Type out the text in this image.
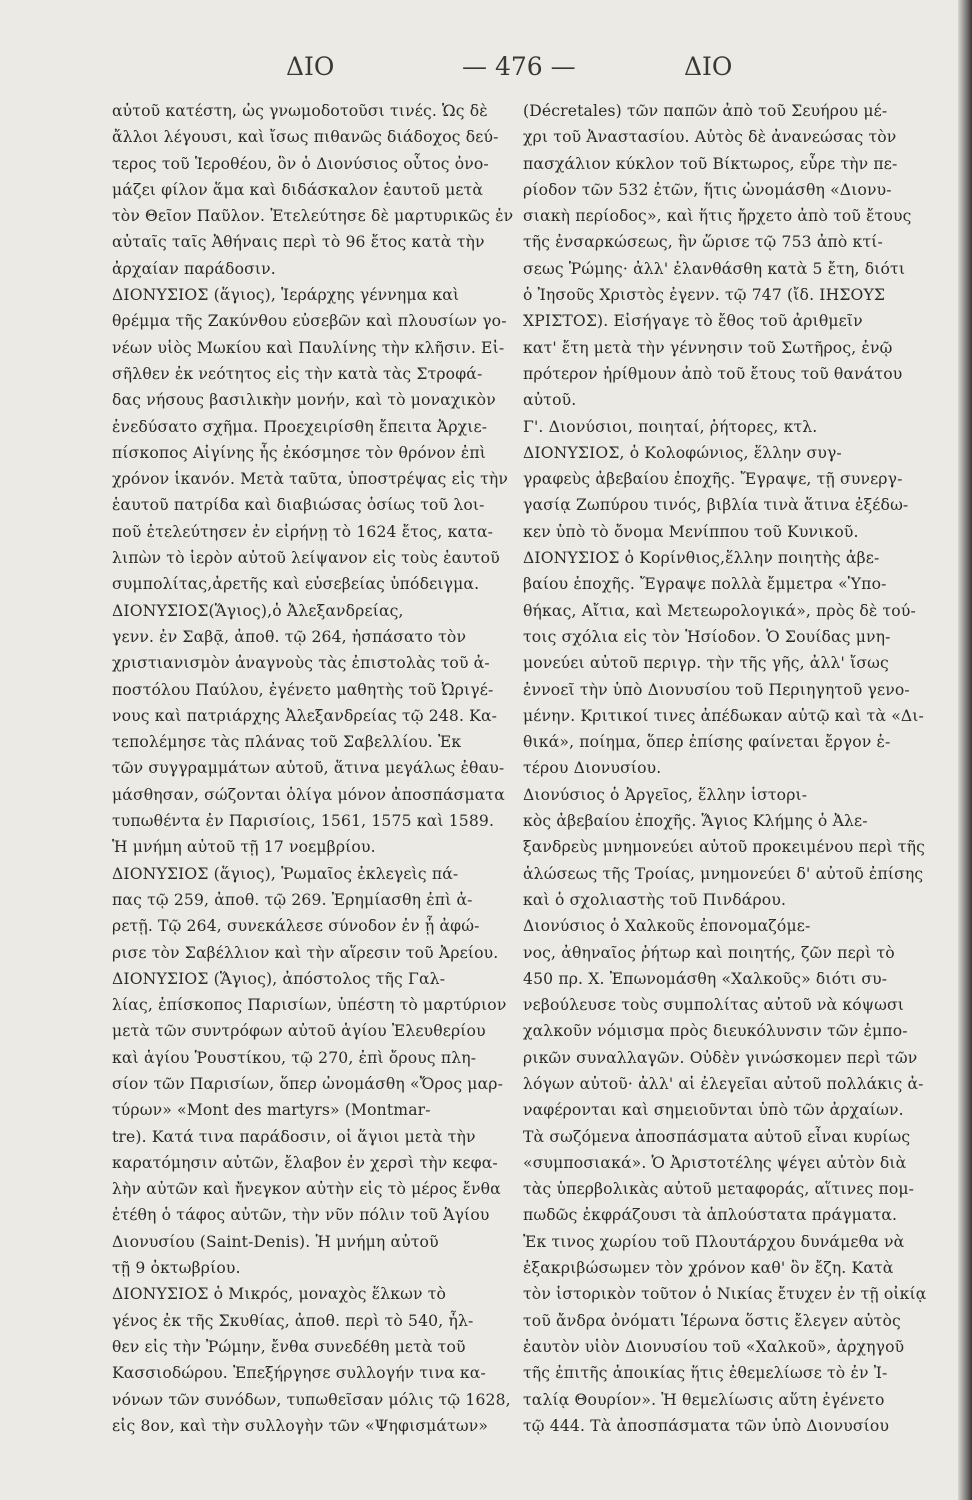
ΔΙΟ	— 476 —	ΔΙΟ
αὐτοῦ κατέστη, ὡς γνωμοδοτοῦσι τινές. Ὡς δὲ
ἄλλοι λέγουσι, καὶ ἴσως πιθανῶς διάδοχος δεύ-
τερος τοῦ Ἱεροθέου, ὃν ὁ Διονύσιος οὗτος ὀνο-
μάζει φίλον ἅμα καὶ διδάσκαλον ἑαυτοῦ μετὰ
τὸν Θεῖον Παῦλον. Ἐτελεύτησε δὲ μαρτυρικῶς ἐν
αὐταῖς ταῖς Ἀθήναις περὶ τὸ 96 ἔτος κατὰ τὴν
ἀρχαίαν παράδοσιν.
ΔΙΟΝΥΣΙΟΣ (ἅγιος), Ἱεράρχης γέννημα καὶ
θρέμμα τῆς Ζακύνθου εὐσεβῶν καὶ πλουσίων γο-
νέων υἱὸς Μωκίου καὶ Παυλίνης τὴν κλῆσιν. Εἰ-
σῆλθεν ἐκ νεότητος εἰς τὴν κατὰ τὰς Στροφά-
δας νήσους βασιλικὴν μονήν, καὶ τὸ μοναχικὸν
ἐνεδύσατο σχῆμα. Προεχειρίσθη ἔπειτα Ἀρχιε-
πίσκοπος Αἰγίνης ἧς ἐκόσμησε τὸν θρόνον ἐπὶ
χρόνον ἱκανόν. Μετὰ ταῦτα, ὑποστρέψας εἰς τὴν
ἑαυτοῦ πατρίδα καὶ διαβιώσας ὁσίως τοῦ λοι-
ποῦ ἐτελεύτησεν ἐν εἰρήνῃ τὸ 1624 ἔτος, κατα-
λιπὼν τὸ ἱερὸν αὐτοῦ λείψανον εἰς τοὺς ἑαυτοῦ
συμπολίτας,ἀρετῆς καὶ εὐσεβείας ὑπόδειγμα.
ΔΙΟΝΥΣΙΟΣ(Ἅγιος),ὁ Ἀλεξανδρείας,
γενν. ἐν Σαβᾷ, ἀποθ. τῷ 264, ἠσπάσατο τὸν
χριστιανισμὸν ἀναγνοὺς τὰς ἐπιστολὰς τοῦ ἀ-
ποστόλου Παύλου, ἐγένετο μαθητὴς τοῦ Ὠριγέ-
νους καὶ πατριάρχης Ἀλεξανδρείας τῷ 248. Κα-
τεπολέμησε τὰς πλάνας τοῦ Σαβελλίου. Ἐκ
τῶν συγγραμμάτων αὐτοῦ, ἅτινα μεγάλως ἐθαυ-
μάσθησαν, σώζονται ὀλίγα μόνον ἀποσπάσματα
τυπωθέντα ἐν Παρισίοις, 1561, 1575 καὶ 1589.
Ἡ μνήμη αὐτοῦ τῇ 17 νοεμβρίου.
ΔΙΟΝΥΣΙΟΣ (ἅγιος), Ῥωμαῖος ἐκλεγεὶς πά-
πας τῷ 259, ἀποθ. τῷ 269. Ἐρημίασθη ἐπὶ ἀ-
ρετῇ. Τῷ 264, συνεκάλεσε σύνοδον ἐν ᾗ ἀφώ-
ρισε τὸν Σαβέλλιον καὶ τὴν αἵρεσιν τοῦ Ἀρείου.
ΔΙΟΝΥΣΙΟΣ (Ἅγιος), ἀπόστολος τῆς Γαλ-
λίας, ἐπίσκοπος Παρισίων, ὑπέστη τὸ μαρτύριον
μετὰ τῶν συντρόφων αὐτοῦ ἁγίου Ἐλευθερίου
καὶ ἁγίου Ῥουστίκου, τῷ 270, ἐπὶ ὄρους πλη-
σίον τῶν Παρισίων, ὅπερ ὠνομάσθη «Ὄρος μαρ-
τύρων» «Mont des martyrs» (Montmar-
tre). Κατά τινα παράδοσιν, οἱ ἅγιοι μετὰ τὴν
καρατόμησιν αὐτῶν, ἔλαβον ἐν χερσὶ τὴν κεφα-
λὴν αὐτῶν καὶ ἤνεγκον αὐτὴν εἰς τὸ μέρος ἔνθα
ἐτέθη ὁ τάφος αὐτῶν, τὴν νῦν πόλιν τοῦ Ἁγίου
Διονυσίου (Saint-Denis). Ἡ μνήμη αὐτοῦ
τῇ 9 ὀκτωβρίου.
ΔΙΟΝΥΣΙΟΣ ὁ Μικρός, μοναχὸς ἕλκων τὸ
γένος ἐκ τῆς Σκυθίας, ἀποθ. περὶ τὸ 540, ἦλ-
θεν εἰς τὴν Ῥώμην, ἔνθα συνεδέθη μετὰ τοῦ
Κασσιοδώρου. Ἐπεξήργησε συλλογήν τινα κα-
νόνων τῶν συνόδων, τυπωθεῖσαν μόλις τῷ 1628,
εἰς 8ον, καὶ τὴν συλλογὴν τῶν «Ψηφισμάτων»
(Décretales) τῶν παπῶν ἀπὸ τοῦ Σευήρου μέ-
χρι τοῦ Ἀναστασίου. Αὐτὸς δὲ ἀνανεώσας τὸν
πασχάλιον κύκλον τοῦ Βίκτωρος, εὗρε τὴν πε-
ρίοδον τῶν 532 ἐτῶν, ἥτις ὠνομάσθη «Διονυ-
σιακὴ περίοδος», καὶ ἥτις ἤρχετο ἀπὸ τοῦ ἔτους
τῆς ἐνσαρκώσεως, ἣν ὥρισε τῷ 753 ἀπὸ κτί-
σεως Ῥώμης· ἀλλ' ἐλανθάσθη κατὰ 5 ἔτη, διότι
ὁ Ἰησοῦς Χριστὸς ἐγενν. τῷ 747 (ἴδ. ΙΗΣΟΥΣ
ΧΡΙΣΤΟΣ). Εἰσήγαγε τὸ ἔθος τοῦ ἀριθμεῖν
κατ' ἔτη μετὰ τὴν γέννησιν τοῦ Σωτῆρος, ἐνῷ
πρότερον ἠρίθμουν ἀπὸ τοῦ ἔτους τοῦ θανάτου
αὐτοῦ.
Γ'. Διονύσιοι, ποιηταί, ῥήτορες, κτλ.
ΔΙΟΝΥΣΙΟΣ, ὁ Κολοφώνιος, ἕλλην συγ-
γραφεὺς ἀβεβαίου ἐποχῆς. Ἔγραψε, τῇ συνεργ-
γασίᾳ Ζωπύρου τινός, βιβλία τινὰ ἅτινα ἐξέδω-
κεν ὑπὸ τὸ ὄνομα Μενίππου τοῦ Κυνικοῦ.
ΔΙΟΝΥΣΙΟΣ ὁ Κορίνθιος,ἕλλην ποιητὴς ἀβε-
βαίου ἐποχῆς. Ἔγραψε πολλὰ ἔμμετρα «Ὑπο-
θήκας, Αἴτια, καὶ Μετεωρολογικά», πρὸς δὲ τού-
τοις σχόλια εἰς τὸν Ἡσίοδον. Ὁ Σουίδας μνη-
μονεύει αὐτοῦ περιγρ. τὴν τῆς γῆς, ἀλλ' ἴσως
ἐννοεῖ τὴν ὑπὸ Διονυσίου τοῦ Περιηγητοῦ γενο-
μένην. Κριτικοί τινες ἀπέδωκαν αὐτῷ καὶ τὰ «Δι-
θικά», ποίημα, ὅπερ ἐπίσης φαίνεται ἔργον ἑ-
τέρου Διονυσίου.
Διονύσιος ὁ Ἀργεῖος, ἕλλην ἱστορι-
κὸς ἀβεβαίου ἐποχῆς. Ἅγιος Κλήμης ὁ Ἀλε-
ξανδρεὺς μνημονεύει αὐτοῦ προκειμένου περὶ τῆς
ἁλώσεως τῆς Τροίας, μνημονεύει δ' αὐτοῦ ἐπίσης
καὶ ὁ σχολιαστὴς τοῦ Πινδάρου.
Διονύσιος ὁ Χαλκοῦς ἐπονομαζόμε-
νος, ἀθηναῖος ῥήτωρ καὶ ποιητής, ζῶν περὶ τὸ
450 πρ. Χ. Ἐπωνομάσθη «Χαλκοῦς» διότι συ-
νεβούλευσε τοὺς συμπολίτας αὐτοῦ νὰ κόψωσι
χαλκοῦν νόμισμα πρὸς διευκόλυνσιν τῶν ἐμπο-
ρικῶν συναλλαγῶν. Οὐδὲν γινώσκομεν περὶ τῶν
λόγων αὐτοῦ· ἀλλ' αἱ ἐλεγεῖαι αὐτοῦ πολλάκις ἀ-
ναφέρονται καὶ σημειοῦνται ὑπὸ τῶν ἀρχαίων.
Τὰ σωζόμενα ἀποσπάσματα αὐτοῦ εἶναι κυρίως
«συμποσιακά». Ὁ Ἀριστοτέλης ψέγει αὐτὸν διὰ
τὰς ὑπερβολικὰς αὐτοῦ μεταφοράς, αἵτινες πομ-
πωδῶς ἐκφράζουσι τὰ ἁπλούστατα πράγματα.
Ἐκ τινος χωρίου τοῦ Πλουτάρχου δυνάμεθα νὰ
ἐξακριβώσωμεν τὸν χρόνον καθ' ὃν ἔζη. Κατὰ
τὸν ἱστορικὸν τοῦτον ὁ Νικίας ἔτυχεν ἐν τῇ οἰκίᾳ
τοῦ ἄνδρα ὀνόματι Ἱέρωνα ὅστις ἔλεγεν αὐτὸς
ἑαυτὸν υἱὸν Διονυσίου τοῦ «Χαλκοῦ», ἀρχηγοῦ
τῆς ἐπιτῆς ἀποικίας ἥτις ἐθεμελίωσε τὸ ἐν Ἰ-
ταλίᾳ Θουρίον». Ἡ θεμελίωσις αὕτη ἐγένετο
τῷ 444. Τὰ ἀποσπάσματα τῶν ὑπὸ Διονυσίου
